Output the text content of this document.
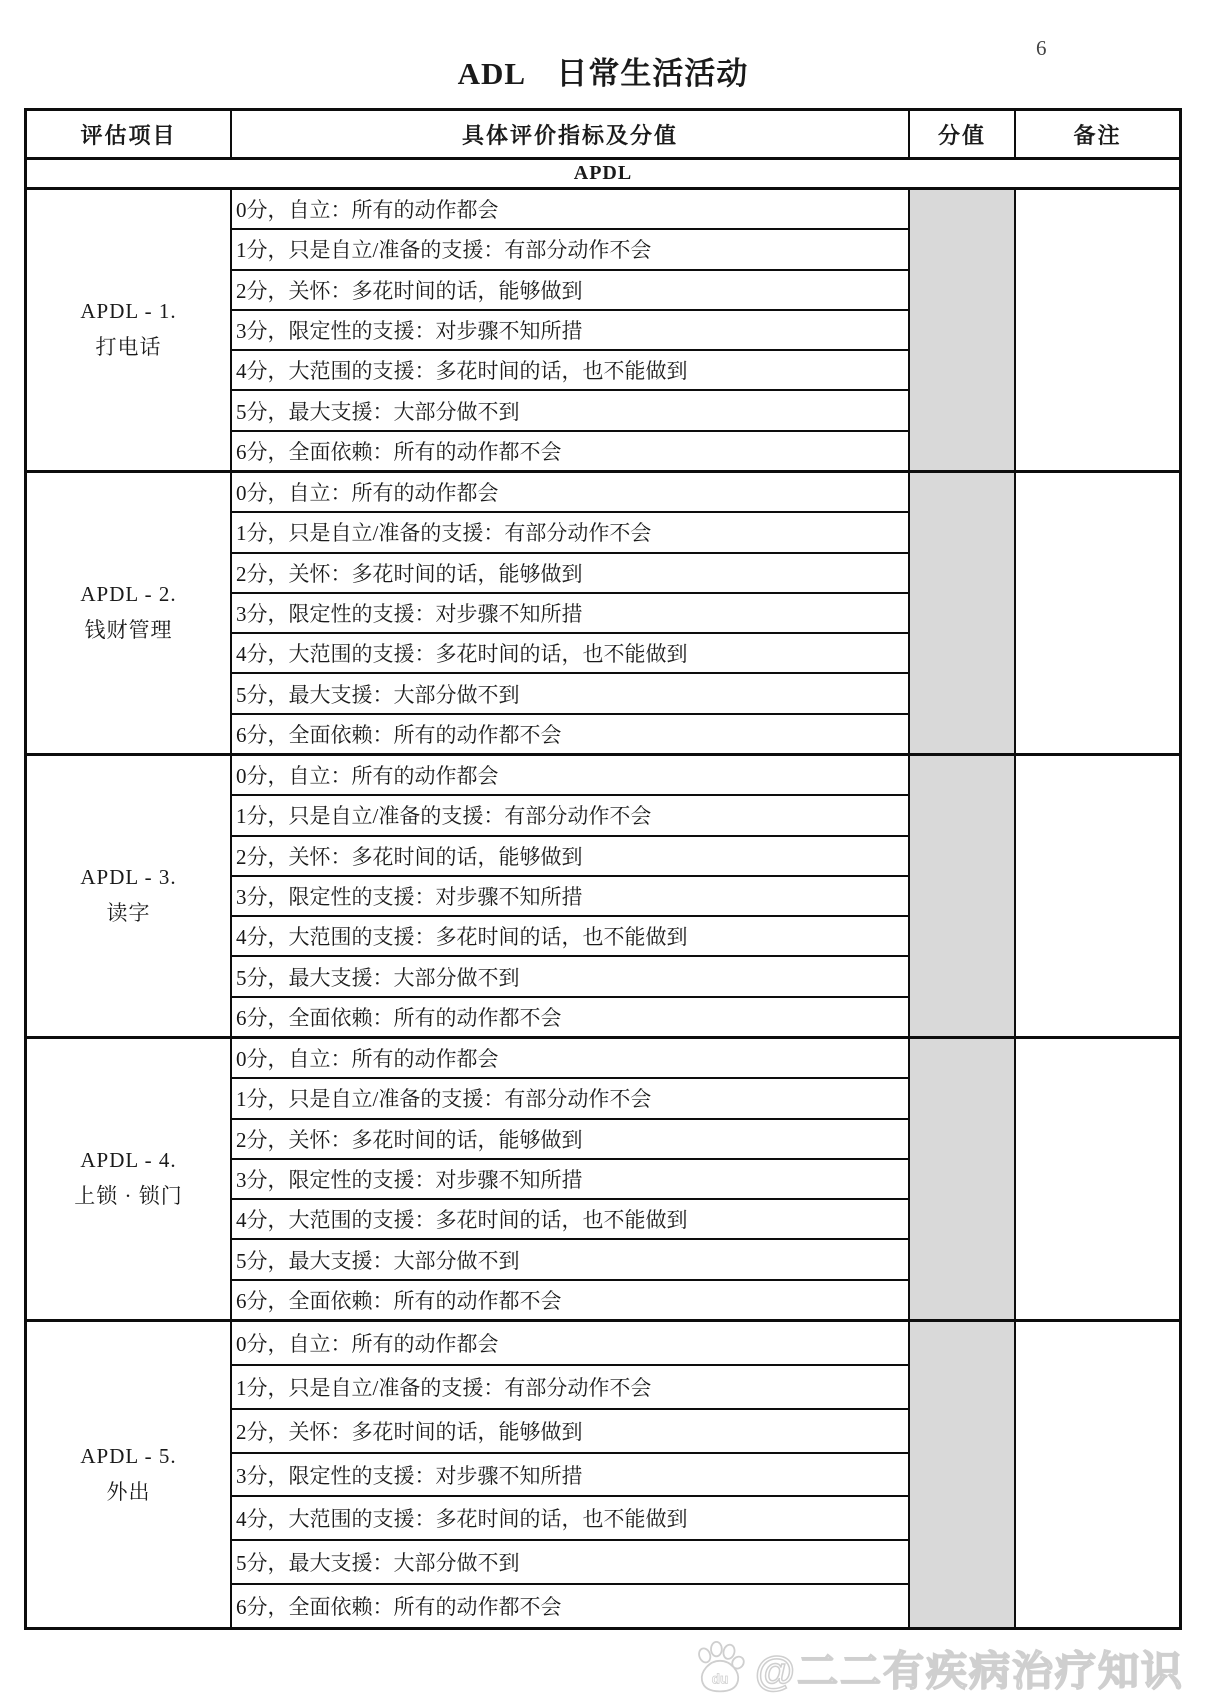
6
ADL　日常生活活动
评估项目	具体评价指标及分值	分值	备注
APDL
APDL - 1.
打电话
0分，自立：所有的动作都会
1分，只是自立/准备的支援：有部分动作不会
2分，关怀：多花时间的话，能够做到
3分，限定性的支援：对步骤不知所措
4分，大范围的支援：多花时间的话，也不能做到
5分，最大支援：大部分做不到
6分，全面依赖：所有的动作都不会
APDL - 2.
钱财管理
0分，自立：所有的动作都会
1分，只是自立/准备的支援：有部分动作不会
2分，关怀：多花时间的话，能够做到
3分，限定性的支援：对步骤不知所措
4分，大范围的支援：多花时间的话，也不能做到
5分，最大支援：大部分做不到
6分，全面依赖：所有的动作都不会
APDL - 3.
读字
0分，自立：所有的动作都会
1分，只是自立/准备的支援：有部分动作不会
2分，关怀：多花时间的话，能够做到
3分，限定性的支援：对步骤不知所措
4分，大范围的支援：多花时间的话，也不能做到
5分，最大支援：大部分做不到
6分，全面依赖：所有的动作都不会
APDL - 4.
上锁 · 锁门
0分，自立：所有的动作都会
1分，只是自立/准备的支援：有部分动作不会
2分，关怀：多花时间的话，能够做到
3分，限定性的支援：对步骤不知所措
4分，大范围的支援：多花时间的话，也不能做到
5分，最大支援：大部分做不到
6分，全面依赖：所有的动作都不会
APDL - 5.
外出
0分，自立：所有的动作都会
1分，只是自立/准备的支援：有部分动作不会
2分，关怀：多花时间的话，能够做到
3分，限定性的支援：对步骤不知所措
4分，大范围的支援：多花时间的话，也不能做到
5分，最大支援：大部分做不到
6分，全面依赖：所有的动作都不会
du @二二有疾病治疗知识
